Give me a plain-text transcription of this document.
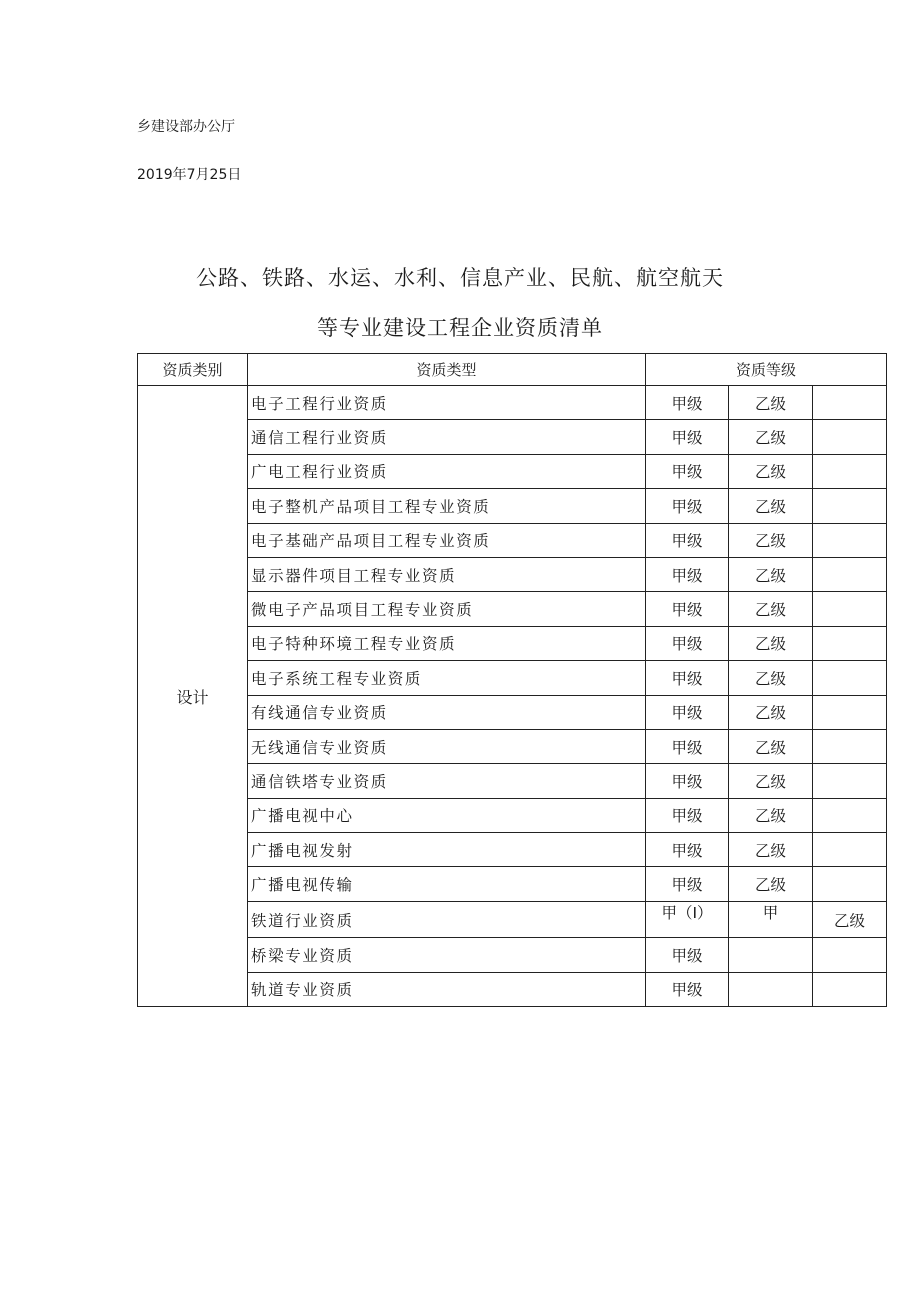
乡建设部办公厅
2019年7月25日
公路、铁路、水运、水利、信息产业、民航、航空航天
等专业建设工程企业资质清单
资质类别	资质类型	资质等级		
设计	电子工程行业资质	甲级	乙级	
	通信工程行业资质	甲级	乙级	
	广电工程行业资质	甲级	乙级	
	电子整机产品项目工程专业资质	甲级	乙级	
	电子基础产品项目工程专业资质	甲级	乙级	
	显示器件项目工程专业资质	甲级	乙级	
	微电子产品项目工程专业资质	甲级	乙级	
	电子特种环境工程专业资质	甲级	乙级	
	电子系统工程专业资质	甲级	乙级	
	有线通信专业资质	甲级	乙级	
	无线通信专业资质	甲级	乙级	
	通信铁塔专业资质	甲级	乙级	
	广播电视中心	甲级	乙级	
	广播电视发射	甲级	乙级	
	广播电视传输	甲级	乙级	
	铁道行业资质	甲（Ⅰ）	甲	乙级
	桥梁专业资质	甲级		
	轨道专业资质	甲级		
